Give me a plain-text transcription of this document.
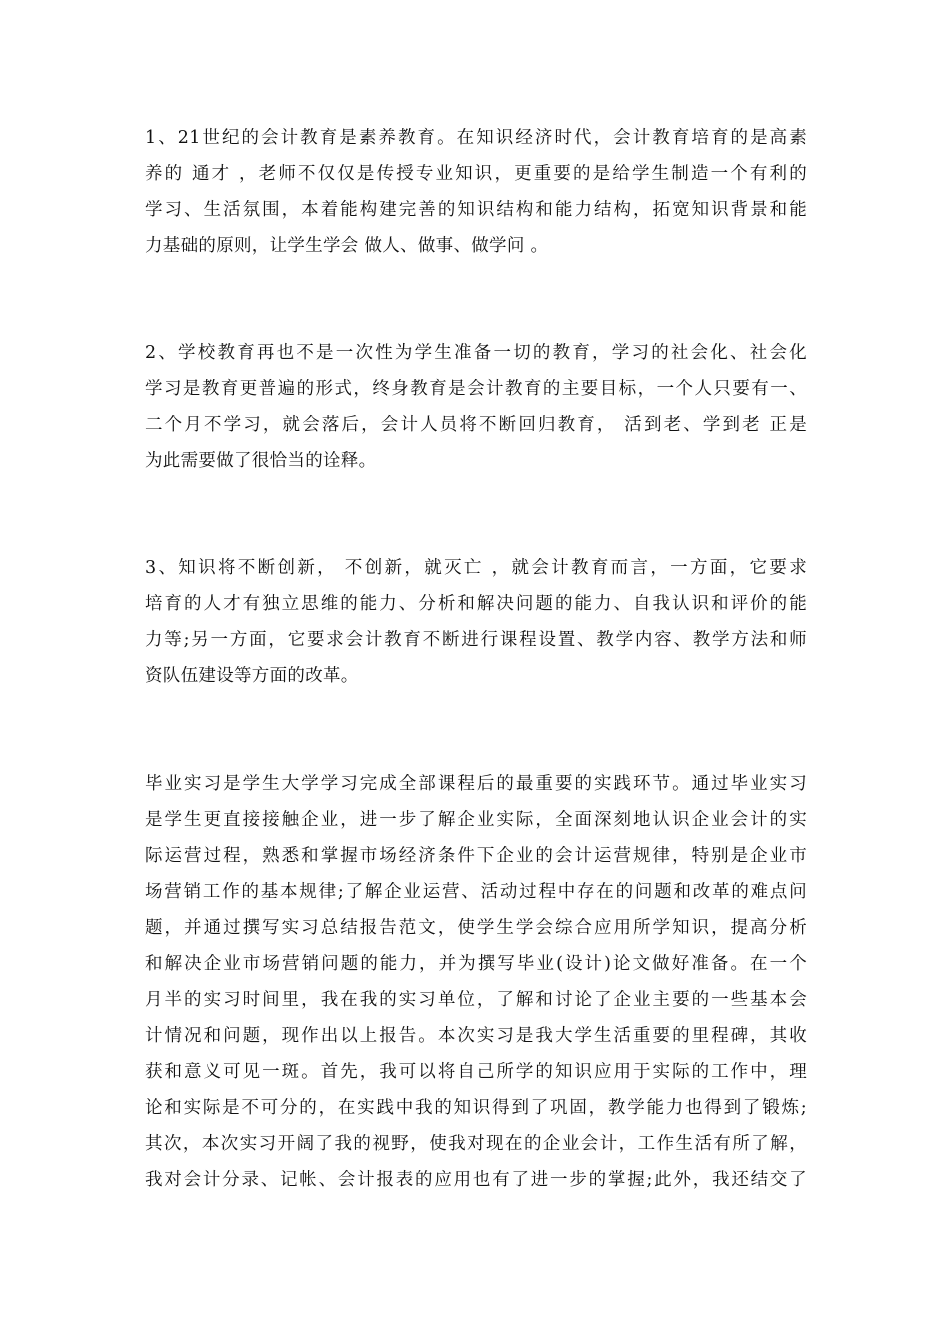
1、21世纪的会计教育是素养教育。在知识经济时代，会计教育培育的是高素
养的 通才 ，老师不仅仅是传授专业知识，更重要的是给学生制造一个有利的
学习、生活氛围，本着能构建完善的知识结构和能力结构，拓宽知识背景和能
力基础的原则，让学生学会 做人、做事、做学问 。
2、学校教育再也不是一次性为学生准备一切的教育，学习的社会化、社会化
学习是教育更普遍的形式，终身教育是会计教育的主要目标，一个人只要有一、
二个月不学习，就会落后，会计人员将不断回归教育， 活到老、学到老 正是
为此需要做了很恰当的诠释。
3、知识将不断创新， 不创新，就灭亡 ，就会计教育而言，一方面，它要求
培育的人才有独立思维的能力、分析和解决问题的能力、自我认识和评价的能
力等;另一方面，它要求会计教育不断进行课程设置、教学内容、教学方法和师
资队伍建设等方面的改革。
毕业实习是学生大学学习完成全部课程后的最重要的实践环节。通过毕业实习
是学生更直接接触企业，进一步了解企业实际，全面深刻地认识企业会计的实
际运营过程，熟悉和掌握市场经济条件下企业的会计运营规律，特别是企业市
场营销工作的基本规律;了解企业运营、活动过程中存在的问题和改革的难点问
题，并通过撰写实习总结报告范文，使学生学会综合应用所学知识，提高分析
和解决企业市场营销问题的能力，并为撰写毕业(设计)论文做好准备。在一个
月半的实习时间里，我在我的实习单位，了解和讨论了企业主要的一些基本会
计情况和问题，现作出以上报告。本次实习是我大学生活重要的里程碑，其收
获和意义可见一斑。首先，我可以将自己所学的知识应用于实际的工作中，理
论和实际是不可分的，在实践中我的知识得到了巩固，教学能力也得到了锻炼;
其次，本次实习开阔了我的视野，使我对现在的企业会计，工作生活有所了解，
我对会计分录、记帐、会计报表的应用也有了进一步的掌握;此外，我还结交了
